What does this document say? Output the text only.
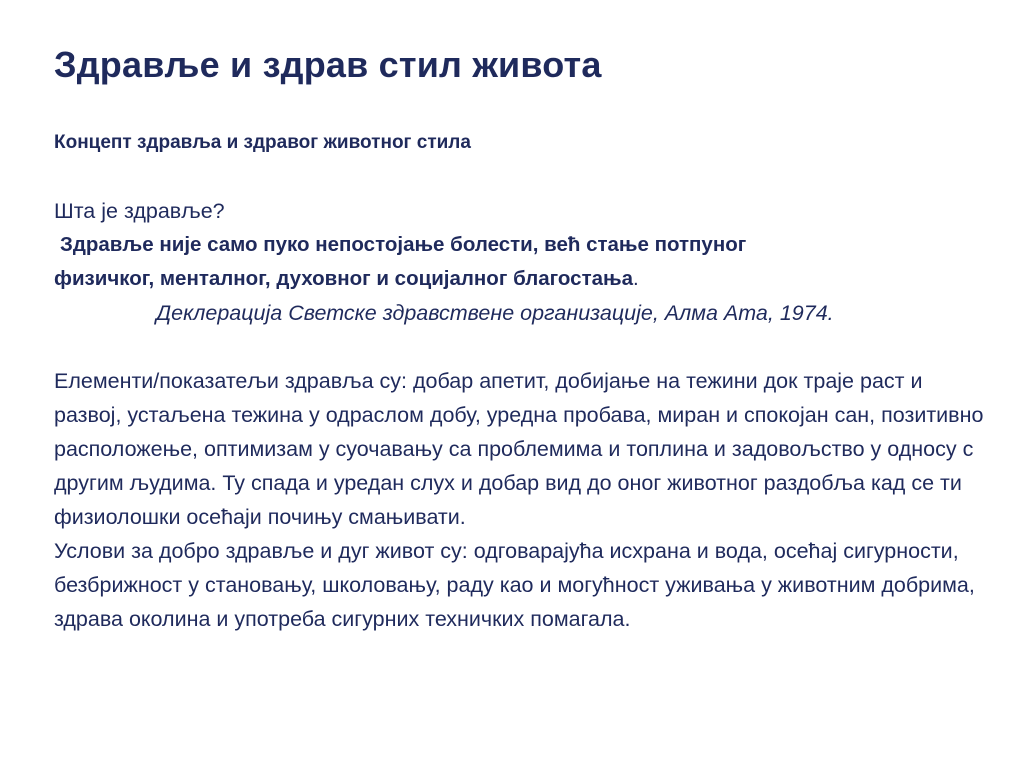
Здравље и здрав стил живота

Концепт здравља и здравог животног стила

Шта је здравље?

Здравље није само пуко непостојање болести, већ стање потпуног

физичког, менталног, духовног и социјалног благостања.

Деклерација Светске здравствене организације, Алма Ата, 1974.

Елементи/показатељи здравља су: добар апетит, добијање на тежини док траје раст и развој, устаљена тежина у одраслом добу, уредна пробава, миран и спокојан сан, позитивно расположење, оптимизам у суочавању са проблемима и топлина и задовољство у односу с другим људима. Ту спада и уредан слух и добар вид до оног животног раздобља кад се ти физиолошки осећаји почињу смањивати.

Услови за добро здравље и дуг живот су: одговарајућа исхрана и вода, осећај сигурности, безбрижност у становању, школовању, раду као и могућност уживања у животним добрима, здрава околина и употреба сигурних техничких помагала.
